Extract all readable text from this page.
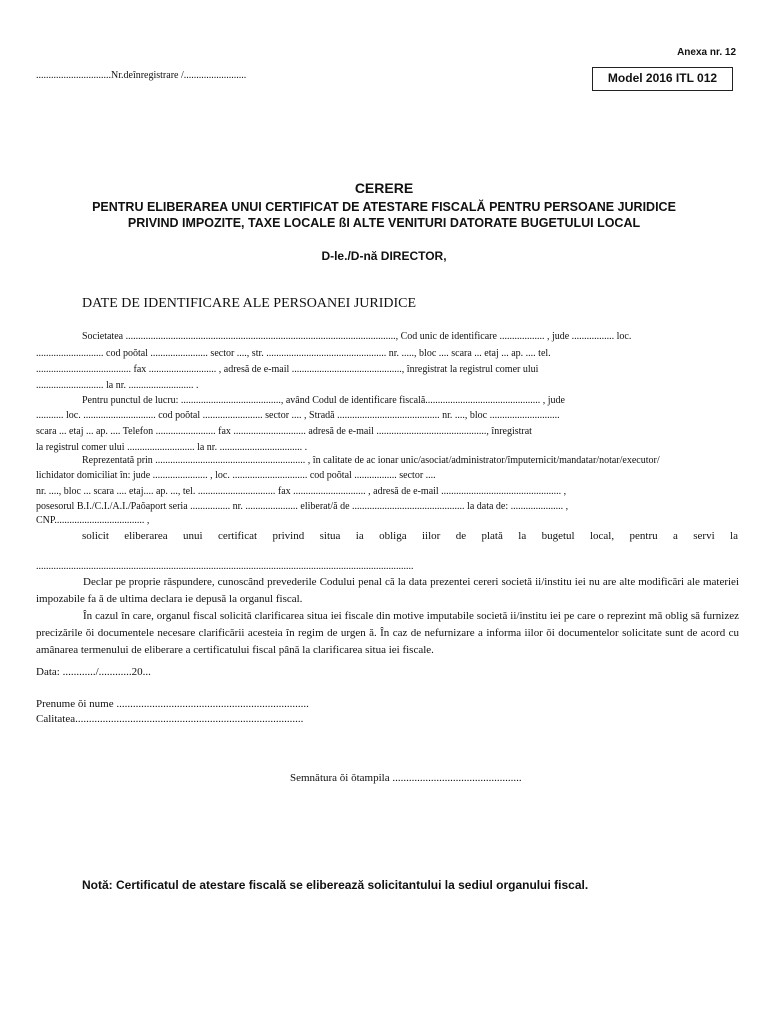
Anexa nr. 12
..............................Nr.deînregistrare /.........................	Model 2016 ITL 012
CERERE
PENTRU ELIBERAREA UNUI CERTIFICAT DE ATESTARE FISCALĂ PENTRU PERSOANE JURIDICE
PRIVIND IMPOZITE, TAXE LOCALE ßI ALTE VENITURI DATORATE BUGETULUI LOCAL
D-le./D-nă DIRECTOR,
DATE DE IDENTIFICARE ALE PERSOANEI JURIDICE
Societatea ............................................................................................................, Cod unic de identificare .................. , jude ................. loc.
........................... cod poŏtal ....................... sector ...., str. ................................................ nr. ....., bloc .... scara ... etaj ... ap. .... tel.
...................................... fax ........................... , adresă de e-mail ............................................, înregistrat la registrul comer ului
........................... la nr. .......................... .
Pentru punctul de lucru: ........................................, având Codul de identificare fiscală.............................................. , jude
........... loc. ............................. cod poŏtal ........................ sector .... , Stradă ......................................... nr. ...., bloc ............................
scara ... etaj ... ap. .... Telefon ........................ fax ............................. adresă de e-mail ............................................, înregistrat
la registrul comer ului ........................... la nr. ................................. .
Reprezentată prin ............................................................ , în calitate de ac ionar unic/asociat/administrator/împuternicit/mandatar/notar/executor/
lichidator domiciliat în: jude ...................... , loc. .............................. cod poŏtal ................. sector ....
nr. ...., bloc ... scara .... etaj.... ap. ..., tel. ............................... fax ............................. , adresă de e-mail ................................................ ,
posesorul B.I./C.I./A.I./Paŏaport seria ................ nr. ..................... eliberat/ă de ............................................. la data de: ..................... ,
CNP.................................... ,
solicit eliberarea unui certificat privind situa ia obliga iilor de plată la bugetul local, pentru a servi la
.......................................................................................................................................................

Declar pe proprie răspundere, cunoscând prevederile Codului penal că la data prezentei cereri societă ii/institu iei nu are alte modificări ale materiei impozabile fa ă de ultima declara ie depusă la organul fiscal.

În cazul în care, organul fiscal solicită clarificarea situa iei fiscale din motive imputabile societă ii/institu iei pe care o reprezint mă oblig să furnizez precizările ŏi documentele necesare clarificării acesteia în regim de urgen ă. În caz de nefurnizare a informa iilor ŏi documentelor solicitate sunt de acord cu amânarea termenului de eliberare a certificatului fiscal până la clarificarea situa iei fiscale.

Data: ............/............20...
Prenume ŏi nume ......................................................................
Calitatea...................................................................................
Semnătura ŏi ŏtampila ...............................................
Notă: Certificatul de atestare fiscală se eliberează solicitantului la sediul organului fiscal.
